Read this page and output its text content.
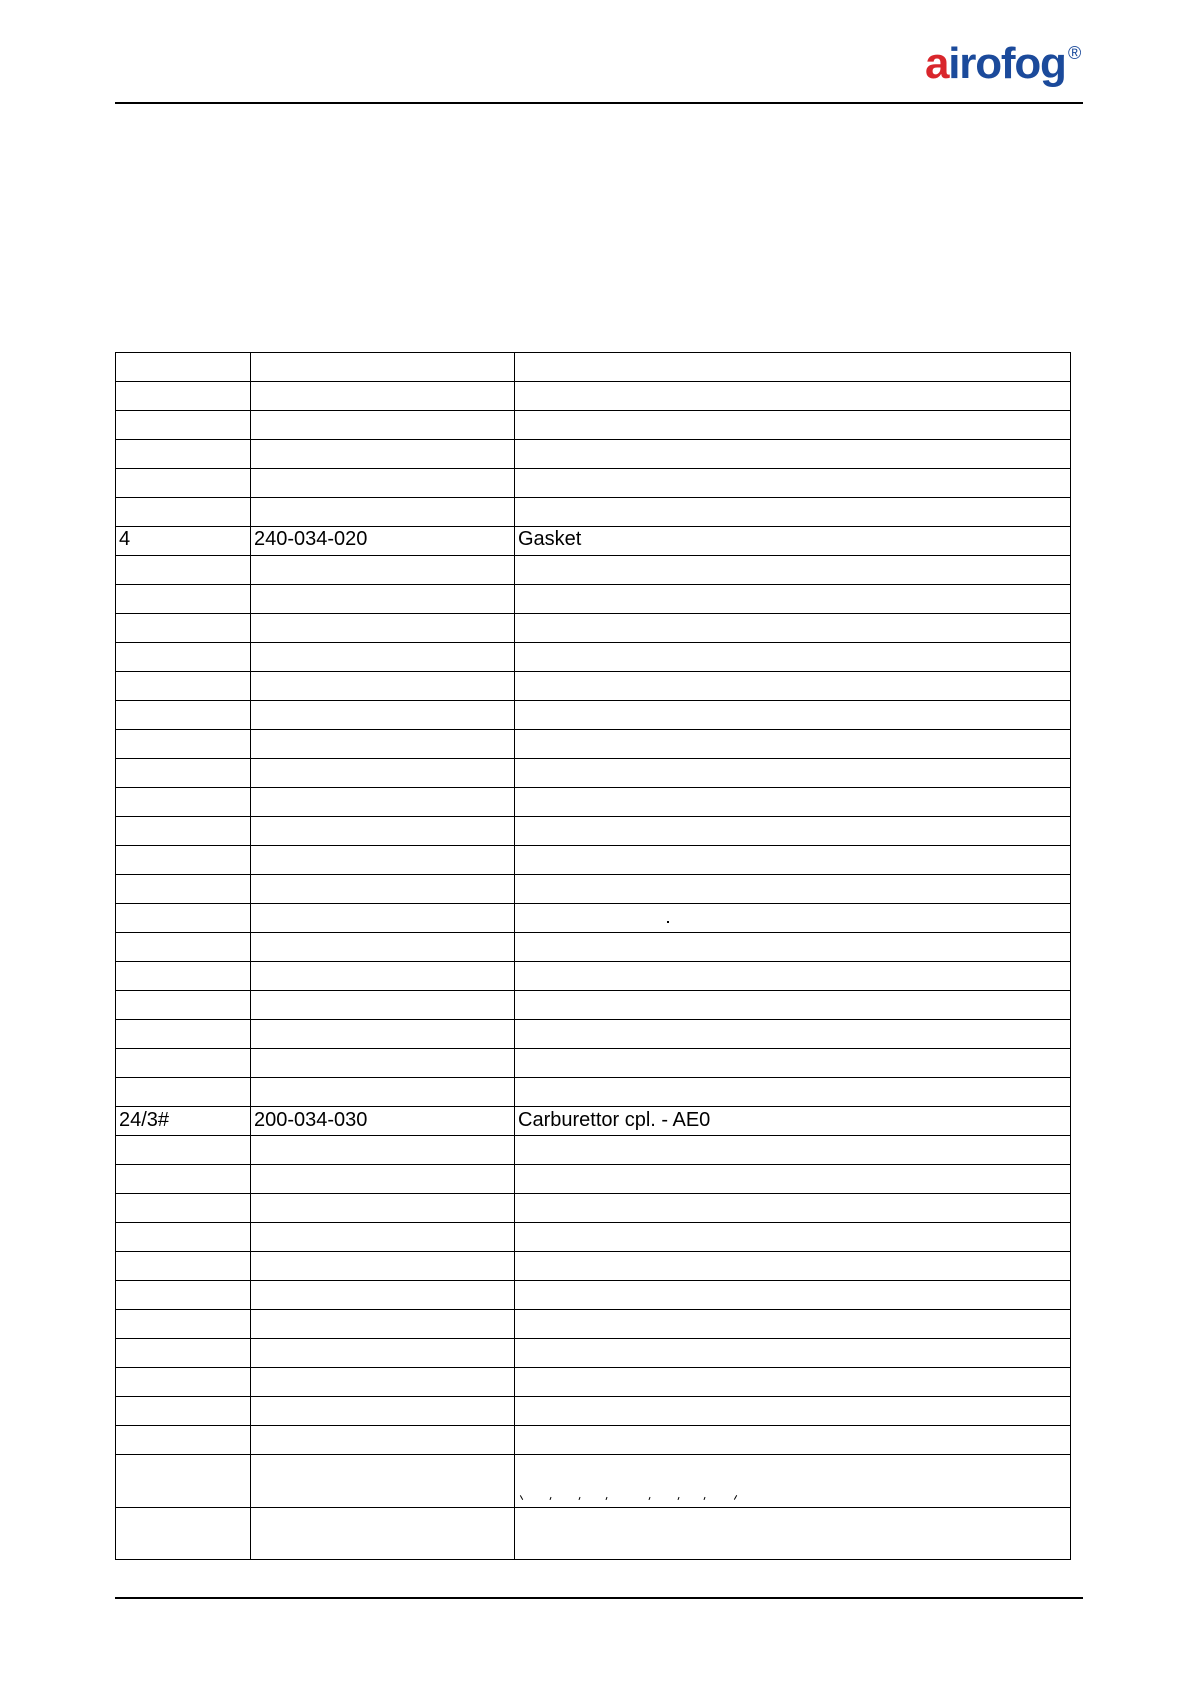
airofog ®
4	240-034-020	Gasket
24/3#	200-034-030	Carburettor cpl. - AE0
